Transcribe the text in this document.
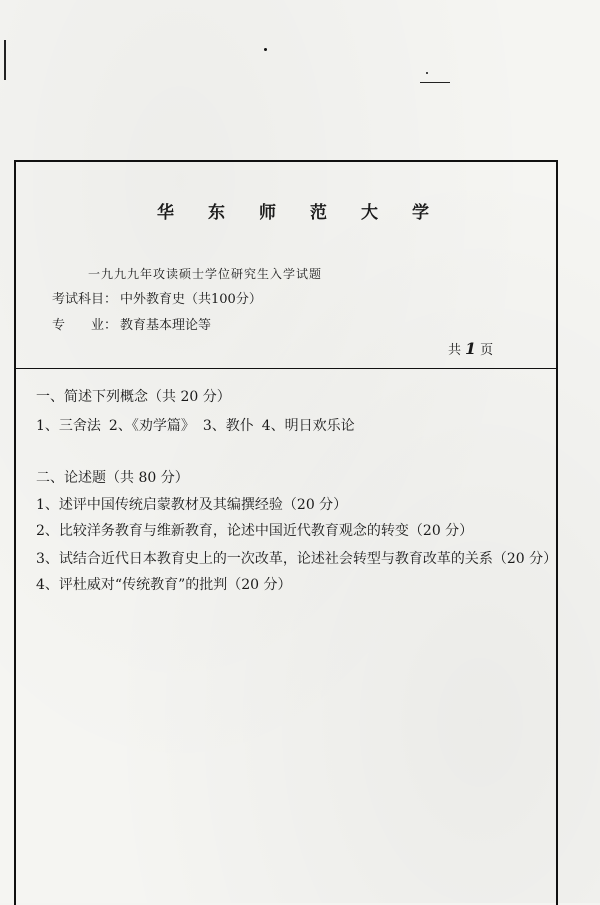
华东师范大学
一九九九年攻读硕士学位研究生入学试题
考试科目： 中外教育史（共100分）
专　　业： 教育基本理论等
共 1 页
一、简述下列概念（共 20 分）
1、三舍法 2、《劝学篇》 3、教仆 4、明日欢乐论
二、论述题（共 80 分）
1、述评中国传统启蒙教材及其编撰经验（20 分）
2、比较洋务教育与维新教育，论述中国近代教育观念的转变（20 分）
3、试结合近代日本教育史上的一次改革，论述社会转型与教育改革的关系（20 分）
4、评杜威对“传统教育”的批判（20 分）
